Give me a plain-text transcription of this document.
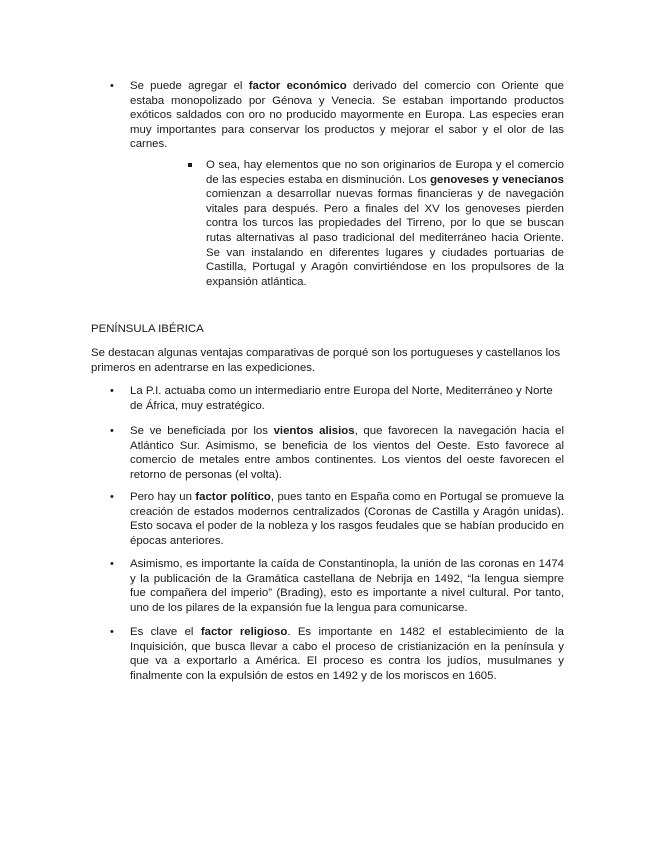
• Se puede agregar el factor económico derivado del comercio con Oriente que estaba monopolizado por Génova y Venecia. Se estaban importando productos exóticos saldados con oro no producido mayormente en Europa. Las especies eran muy importantes para conservar los productos y mejorar el sabor y el olor de las carnes.

O sea, hay elementos que no son originarios de Europa y el comercio de las especies estaba en disminución. Los genoveses y venecianos comienzan a desarrollar nuevas formas financieras y de navegación vitales para después. Pero a finales del XV los genoveses pierden contra los turcos las propiedades del Tirreno, por lo que se buscan rutas alternativas al paso tradicional del mediterráneo hacia Oriente. Se van instalando en diferentes lugares y ciudades portuarias de Castilla, Portugal y Aragón convirtiéndose en los propulsores de la expansión atlántica.

PENÍNSULA IBÉRICA

Se destacan algunas ventajas comparativas de porqué son los portugueses y castellanos los primeros en adentrarse en las expediciones.

• La P.I. actuaba como un intermediario entre Europa del Norte, Mediterráneo y Norte de África, muy estratégico.

• Se ve beneficiada por los vientos alisios, que favorecen la navegación hacia el Atlántico Sur. Asimismo, se beneficia de los vientos del Oeste. Esto favorece al comercio de metales entre ambos continentes. Los vientos del oeste favorecen el retorno de personas (el volta).

• Pero hay un factor político, pues tanto en España como en Portugal se promueve la creación de estados modernos centralizados (Coronas de Castilla y Aragón unidas). Esto socava el poder de la nobleza y los rasgos feudales que se habían producido en épocas anteriores.

• Asimismo, es importante la caída de Constantinopla, la unión de las coronas en 1474 y la publicación de la Gramática castellana de Nebrija en 1492, “la lengua siempre fue compañera del imperio” (Brading), esto es importante a nivel cultural. Por tanto, uno de los pilares de la expansión fue la lengua para comunicarse.

• Es clave el factor religioso. Es importante en 1482 el establecimiento de la Inquisición, que busca llevar a cabo el proceso de cristianización en la península y que va a exportarlo a América. El proceso es contra los judíos, musulmanes y finalmente con la expulsión de estos en 1492 y de los moriscos en 1605.
